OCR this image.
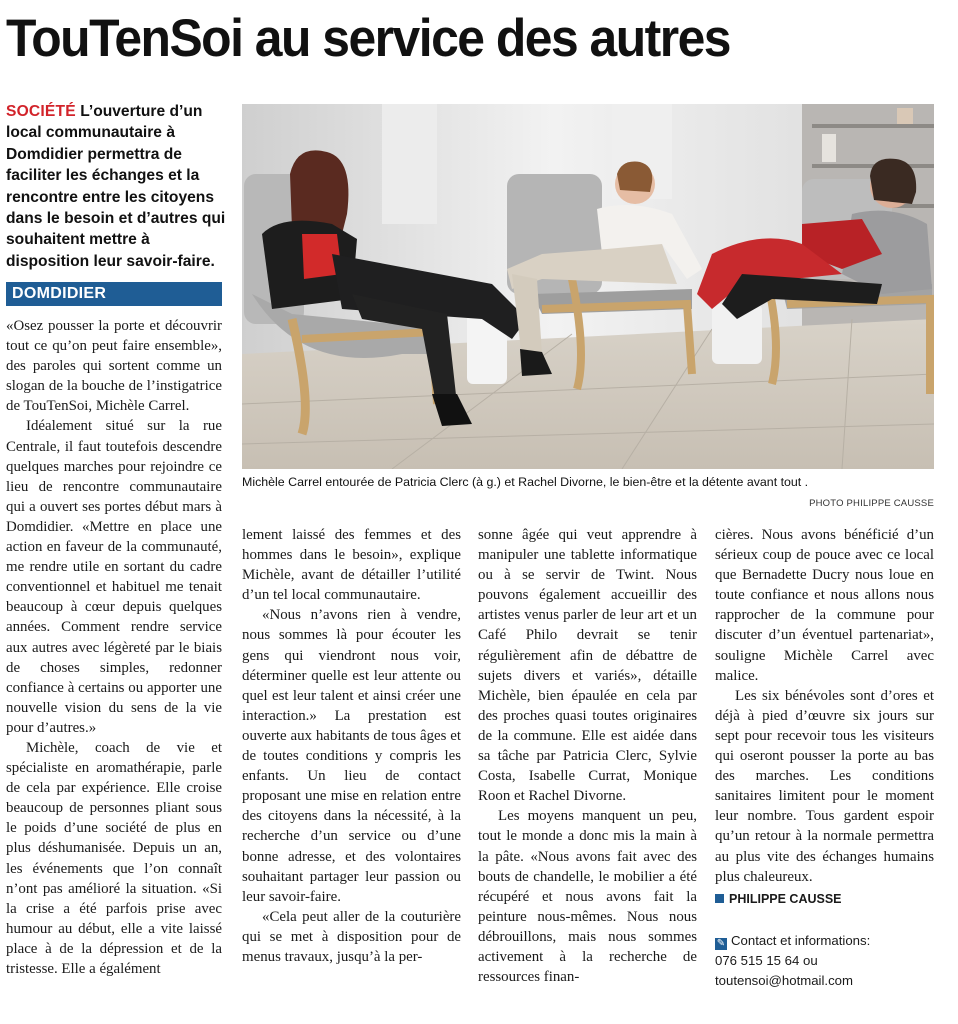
TouTenSoi au service des autres
SOCIÉTÉ L’ouverture d’un local communautaire à Domdidier permettra de faciliter les échanges et la rencontre entre les citoyens dans le besoin et d’autres qui souhaitent mettre à disposition leur savoir-faire.
DOMDIDIER
Michèle Carrel entourée de Patricia Clerc (à g.) et Rachel Divorne, le bien-être et la détente avant tout .
PHOTO PHILIPPE CAUSSE

«Osez pousser la porte et découvrir tout ce qu’on peut faire ensemble», des paroles qui sortent comme un slogan de la bouche de l’instigatrice de TouTenSoi, Michèle Carrel.

Idéalement situé sur la rue Centrale, il faut toutefois descendre quelques marches pour rejoindre ce lieu de rencontre communautaire qui a ouvert ses portes début mars à Domdidier. «Mettre en place une action en faveur de la communauté, me rendre utile en sortant du cadre conventionnel et habituel me tenait beaucoup à cœur depuis quelques années. Comment rendre service aux autres avec légèreté par le biais de choses simples, redonner confiance à certains ou apporter une nouvelle vision du sens de la vie pour d’autres.»

Michèle, coach de vie et spécialiste en aromathérapie, parle de cela par expérience. Elle croise beaucoup de personnes pliant sous le poids d’une société de plus en plus déshumanisée. Depuis un an, les événements que l’on connaît n’ont pas amélioré la situation. «Si la crise a été parfois prise avec humour au début, elle a vite laissé place à de la dépression et de la tristesse. Elle a égalément

lement laissé des femmes et des hommes dans le besoin», explique Michèle, avant de détailler l’utilité d’un tel local communautaire.

«Nous n’avons rien à vendre, nous sommes là pour écouter les gens qui viendront nous voir, déterminer quelle est leur attente ou quel est leur talent et ainsi créer une interaction.» La prestation est ouverte aux habitants de tous âges et de toutes conditions y compris les enfants. Un lieu de contact proposant une mise en relation entre des citoyens dans la nécessité, à la recherche d’un service ou d’une bonne adresse, et des volontaires souhaitant partager leur passion ou leur savoir-faire.

«Cela peut aller de la couturière qui se met à disposition pour de menus travaux, jusqu’à la per-

sonne âgée qui veut apprendre à manipuler une tablette informatique ou à se servir de Twint. Nous pouvons également accueillir des artistes venus parler de leur art et un Café Philo devrait se tenir régulièrement afin de débattre de sujets divers et variés», détaille Michèle, bien épaulée en cela par des proches quasi toutes originaires de la commune. Elle est aidée dans sa tâche par Patricia Clerc, Sylvie Costa, Isabelle Currat, Monique Roon et Rachel Divorne.

Les moyens manquent un peu, tout le monde a donc mis la main à la pâte. «Nous avons fait avec des bouts de chandelle, le mobilier a été récupéré et nous avons fait la peinture nous-mêmes. Nous nous débrouillons, mais nous sommes activement à la recherche de ressources finan-

cières. Nous avons bénéficié d’un sérieux coup de pouce avec ce local que Bernadette Ducry nous loue en toute confiance et nous allons nous rapprocher de la commune pour discuter d’un éventuel partenariat», souligne Michèle Carrel avec malice.

Les six bénévoles sont d’ores et déjà à pied d’œuvre six jours sur sept pour recevoir tous les visiteurs qui oseront pousser la porte au bas des marches. Les conditions sanitaires limitent pour le moment leur nombre. Tous gardent espoir qu’un retour à la normale permettra au plus vite des échanges humains plus chaleureux.

PHILIPPE CAUSSE

✎ Contact et informations:
076 515 15 64 ou
toutensoi@hotmail.com
